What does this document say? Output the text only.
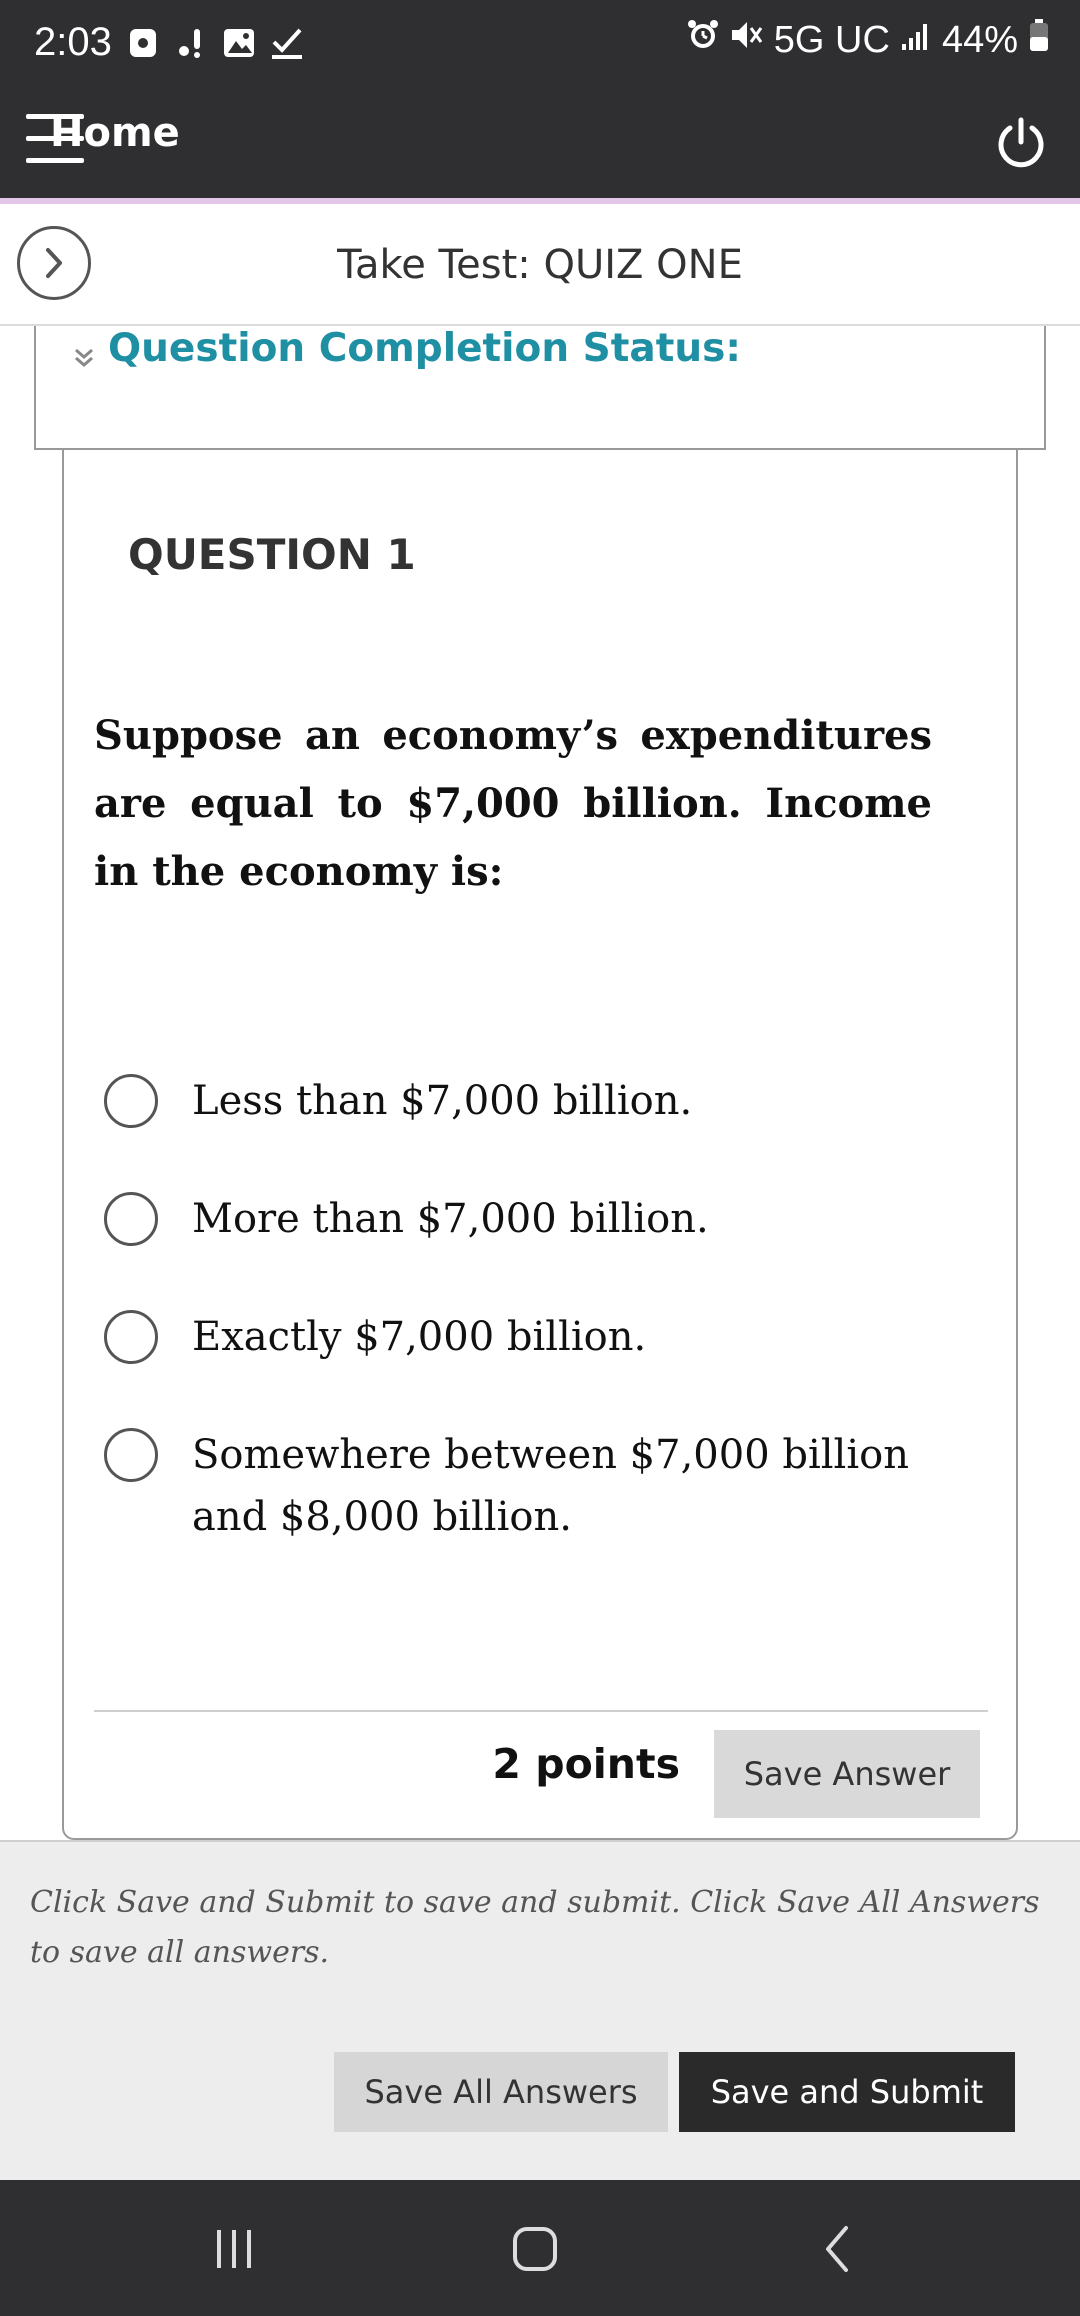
2:03	5G UC 44%
Home
Take Test: QUIZ ONE
Question Completion Status:
QUESTION 1
Suppose an economy’s expenditures are equal to $7,000 billion. Income in the economy is:
Less than $7,000 billion.
More than $7,000 billion.
Exactly $7,000 billion.
Somewhere between $7,000 billion and $8,000 billion.
2 points	Save Answer
Click Save and Submit to save and submit. Click Save All Answers to save all answers.
Save All Answers	Save and Submit
